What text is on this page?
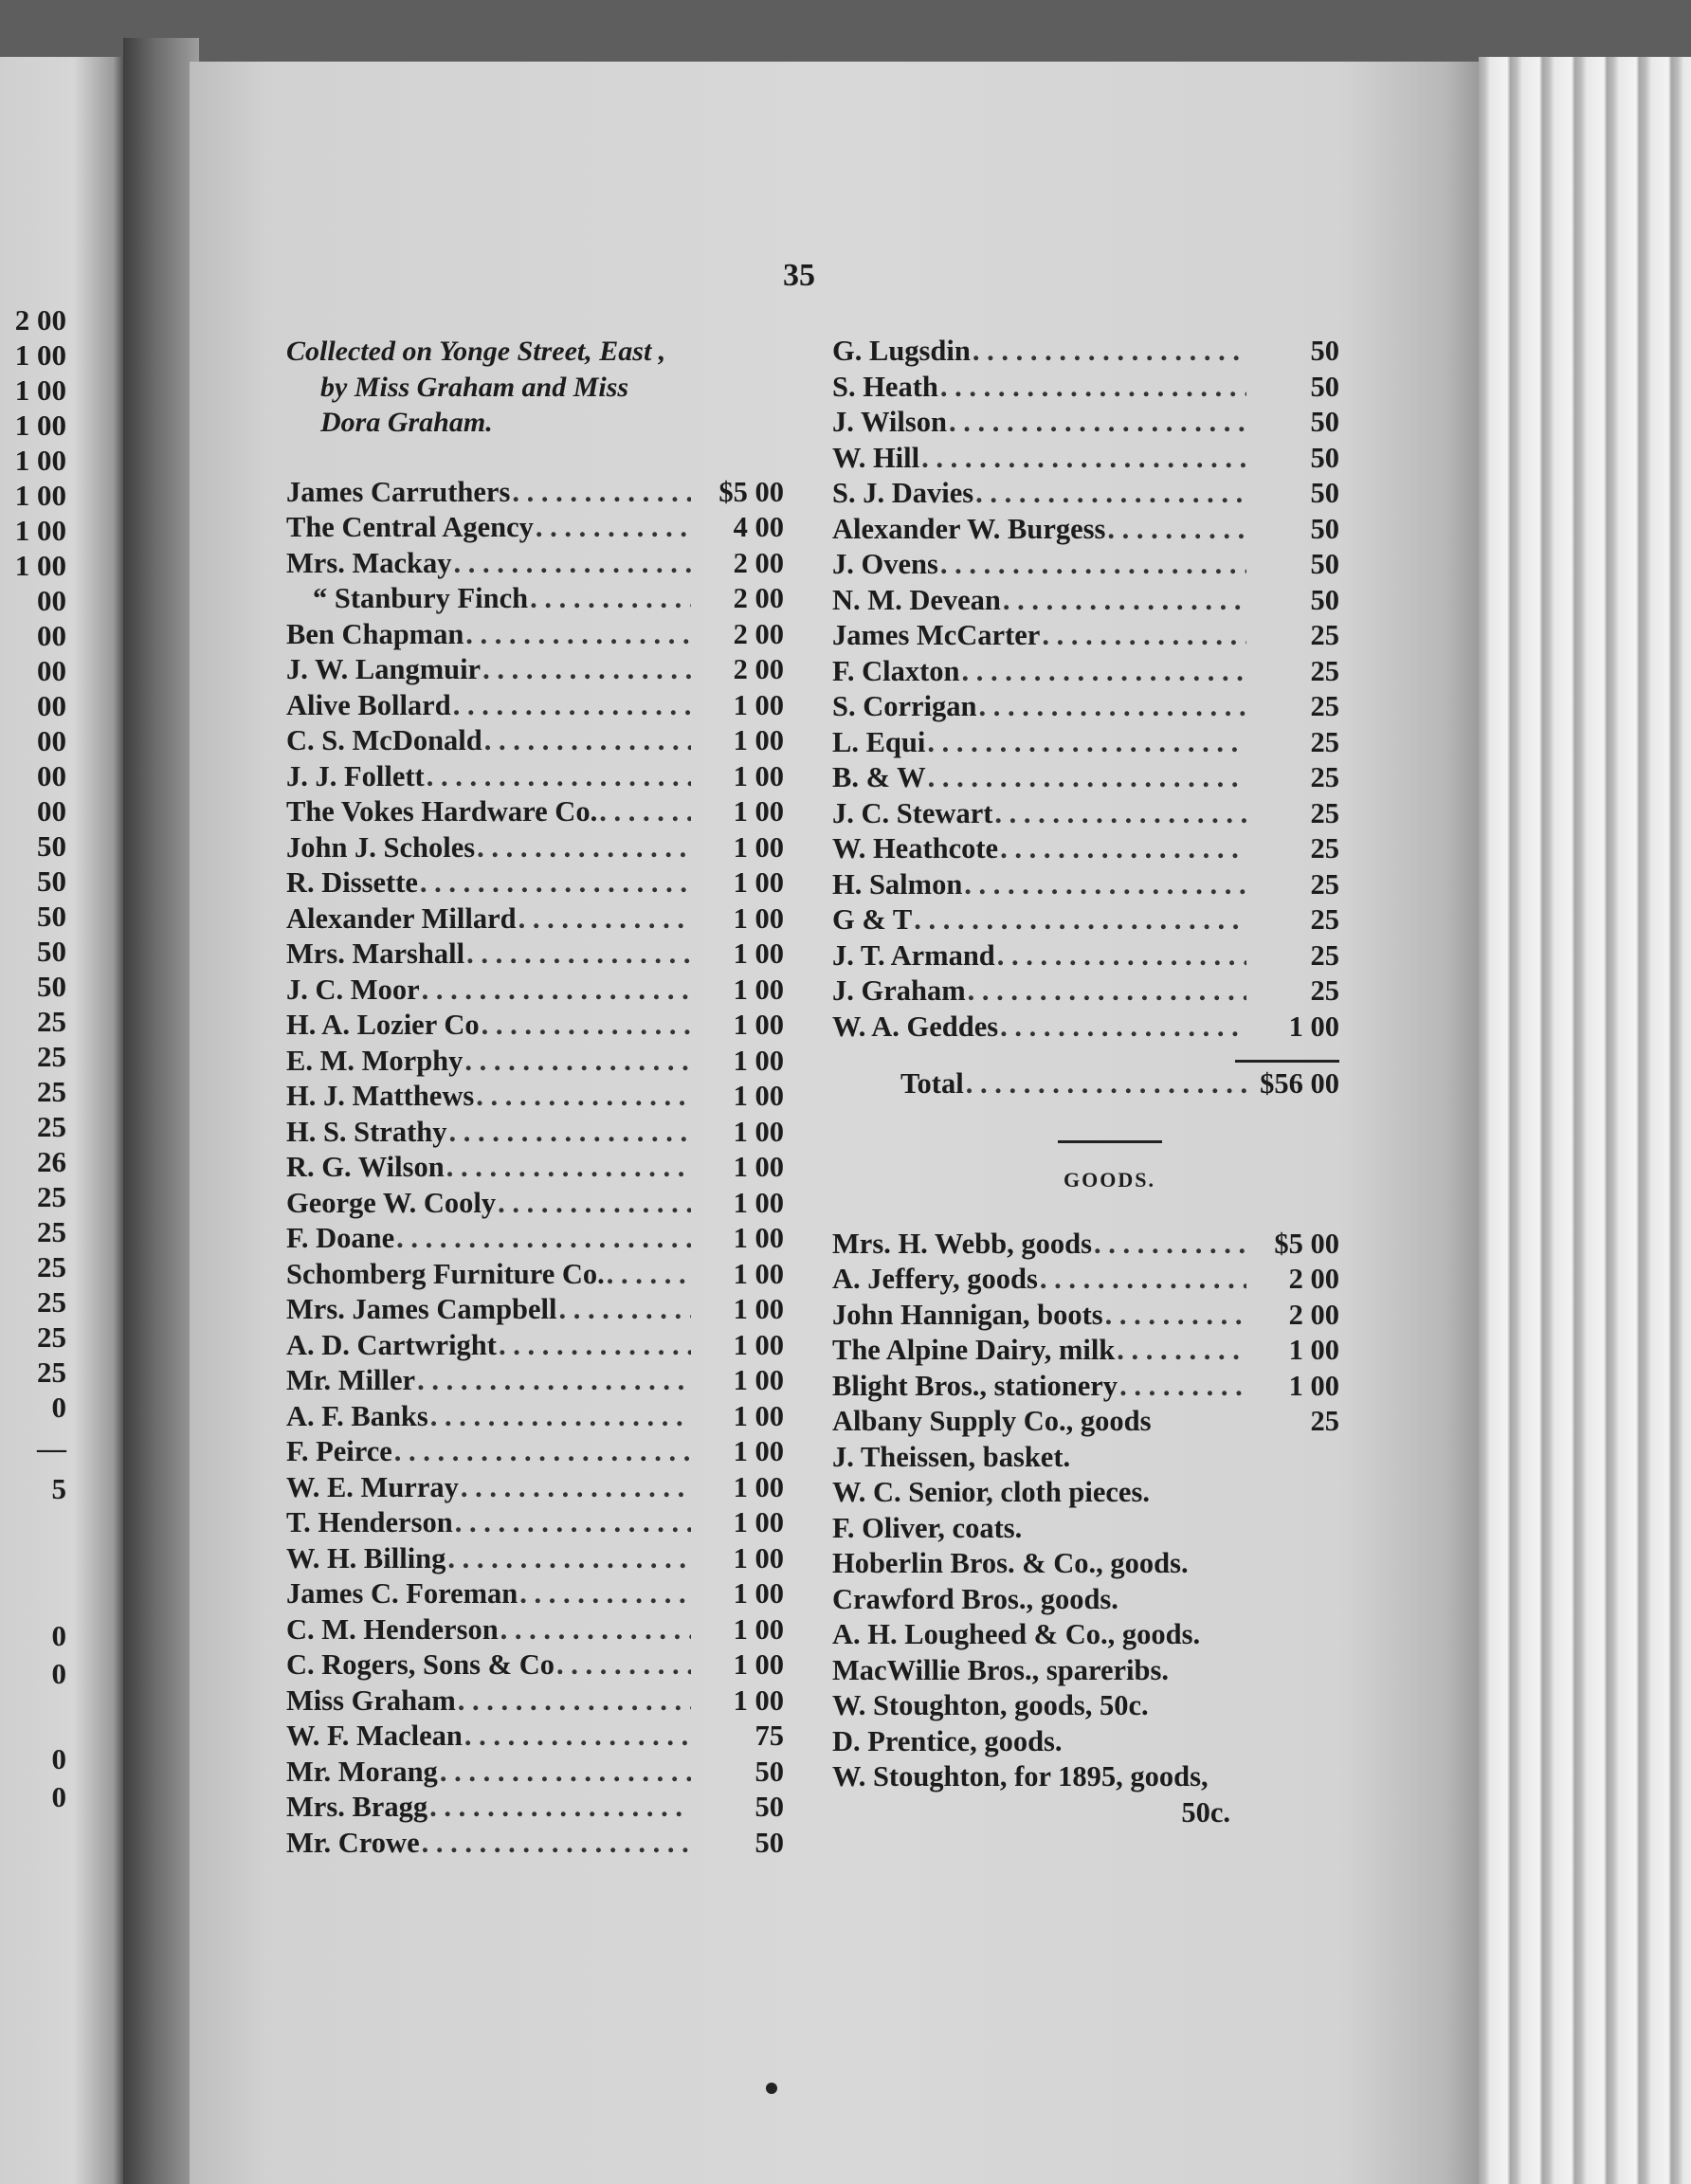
2 00
1 00
1 00
1 00
1 00
1 00
1 00
1 00
00
00
00
00
00
00
00
50
50
50
50
50
25
25
25
25
26
25
25
25
25
25
25
0
—
5
0
0
0
0
35
Collected on Yonge Street, East ,
by Miss Graham and Miss
Dora Graham.
James Carruthers . . .	$5 00
The Central Agency . . .	4 00
Mrs. Mackay . . .	2 00
“ Stanbury Finch . . .	2 00
Ben Chapman . . .	2 00
J. W. Langmuir . . .	2 00
Alive Bollard . . .	1 00
C. S. McDonald . . .	1 00
J. J. Follett . . .	1 00
The Vokes Hardware Co. . . .	1 00
John J. Scholes . . .	1 00
R. Dissette . . .	1 00
Alexander Millard . . .	1 00
Mrs. Marshall . . .	1 00
J. C. Moor . . .	1 00
H. A. Lozier Co . . .	1 00
E. M. Morphy . . .	1 00
H. J. Matthews . . .	1 00
H. S. Strathy . . .	1 00
R. G. Wilson . . .	1 00
George W. Cooly . . .	1 00
F. Doane . . .	1 00
Schomberg Furniture Co. . . .	1 00
Mrs. James Campbell . . .	1 00
A. D. Cartwright . . .	1 00
Mr. Miller . . .	1 00
A. F. Banks . . .	1 00
F. Peirce . . .	1 00
W. E. Murray . . .	1 00
T. Henderson . . .	1 00
W. H. Billing . . .	1 00
James C. Foreman . . .	1 00
C. M. Henderson . . .	1 00
C. Rogers, Sons & Co . . .	1 00
Miss Graham . . .	1 00
W. F. Maclean . . .	75
Mr. Morang . . .	50
Mrs. Bragg . . .	50
Mr. Crowe . . .	50
G. Lugsdin . . .	50
S. Heath . . .	50
J. Wilson . . .	50
W. Hill . . .	50
S. J. Davies . . .	50
Alexander W. Burgess . . .	50
J. Ovens . . .	50
N. M. Devean . . .	50
James McCarter . . .	25
F. Claxton . . .	25
S. Corrigan . . .	25
L. Equi . . .	25
B. & W . . .	25
J. C. Stewart . . .	25
W. Heathcote . . .	25
H. Salmon . . .	25
G & T . . .	25
J. T. Armand . . .	25
J. Graham . . .	25
W. A. Geddes . . .	1 00
Total . . .	$56 00
GOODS.
Mrs. H. Webb, goods . . .	$5 00
A. Jeffery, goods . . .	2 00
John Hannigan, boots . . .	2 00
The Alpine Dairy, milk . . .	1 00
Blight Bros., stationery . . .	1 00
Albany Supply Co., goods	25
J. Theissen, basket.
W. C. Senior, cloth pieces.
F. Oliver, coats.
Hoberlin Bros. & Co., goods.
Crawford Bros., goods.
A. H. Lougheed & Co., goods.
MacWillie Bros., spareribs.
W. Stoughton, goods, 50c.
D. Prentice, goods.
W. Stoughton, for 1895, goods,
50c.
